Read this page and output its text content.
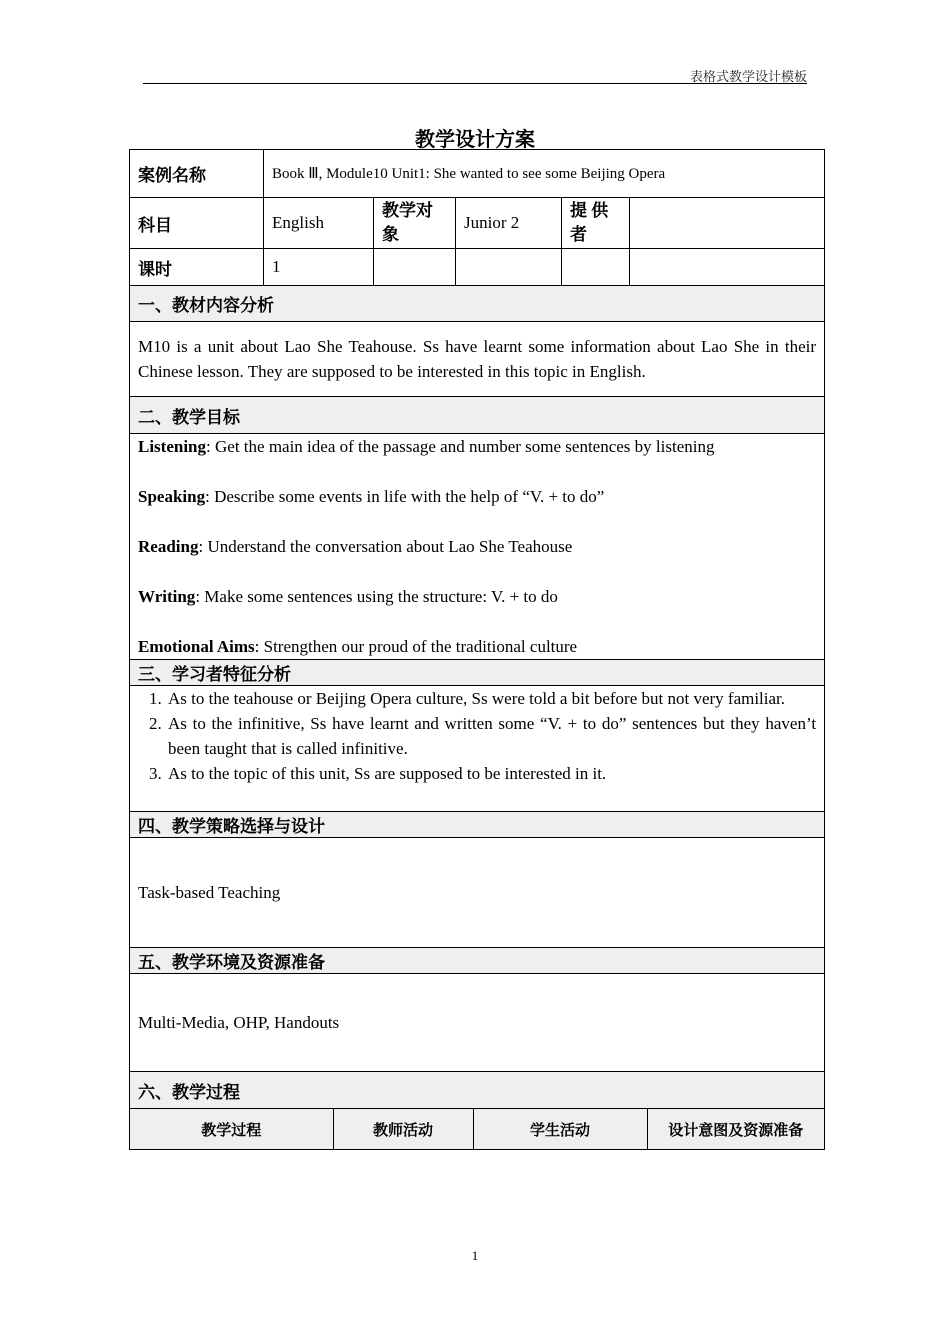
表格式教学设计模板
教学设计方案
案例名称	Book Ⅲ, Module10 Unit1: She wanted to see some Beijing Opera
科目	English	教学对象	Junior 2	提 供 者	
课时	1				
一、教材内容分析
M10 is a unit about Lao She Teahouse. Ss have learnt some information about Lao She in their Chinese lesson. They are supposed to be interested in this topic in English.
二、教学目标

Listening: Get the main idea of the passage and number some sentences by listening
Speaking: Describe some events in life with the help of “V. + to do”
Reading: Understand the conversation about Lao She Teahouse
Writing: Make some sentences using the structure: V. + to do
Emotional Aims: Strengthen our proud of the traditional culture

三、学习者特征分析

1. As to the teahouse or Beijing Opera culture, Ss were told a bit before but not very familiar.
2. As to the infinitive, Ss have learnt and written some “V. + to do” sentences but they haven’t been taught that is called infinitive.
3. As to the topic of this unit, Ss are supposed to be interested in it.

四、教学策略选择与设计
Task-based Teaching
五、教学环境及资源准备
Multi-Media, OHP, Handouts
六、教学过程

教学过程	教师活动	学生活动	设计意图及资源准备
1
